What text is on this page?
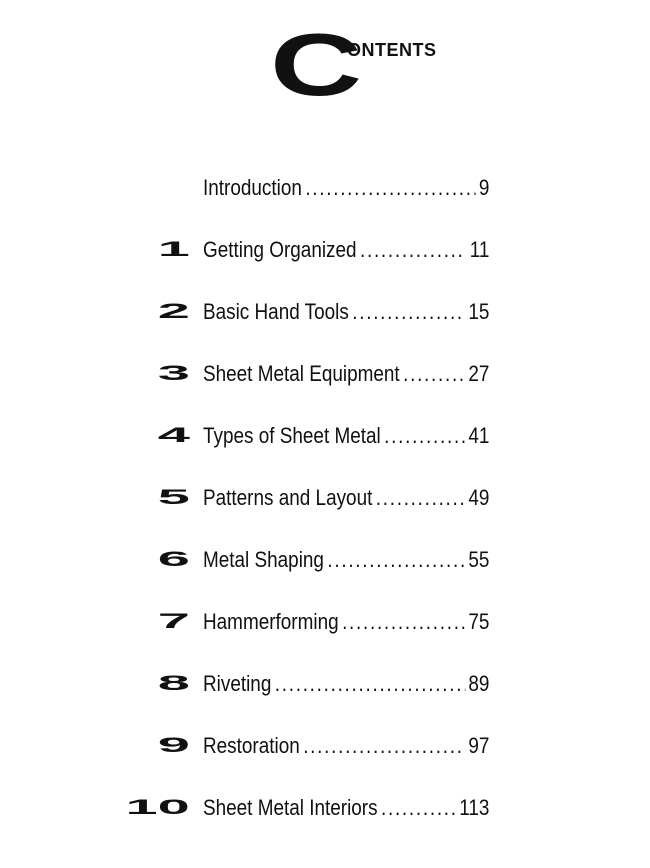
C
ONTENTS
Introduction .....	9
1 Getting Organized .....	11
2 Basic Hand Tools .....	15
3 Sheet Metal Equipment .....	27
4 Types of Sheet Metal .....	41
5 Patterns and Layout .....	49
6 Metal Shaping .....	55
7 Hammerforming .....	75
8 Riveting .....	89
9 Restoration .....	97
10 Sheet Metal Interiors .....	113
